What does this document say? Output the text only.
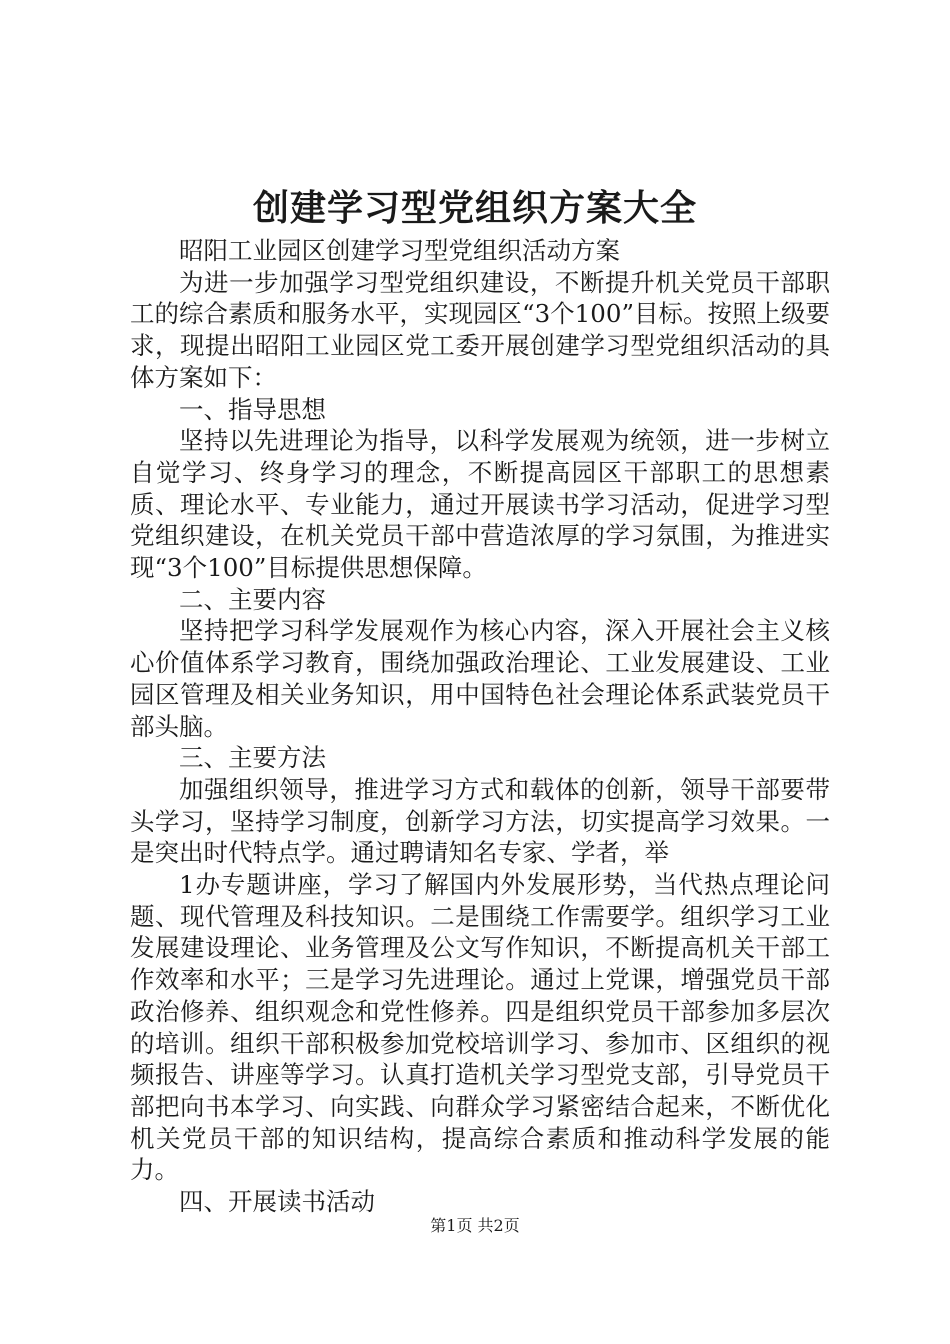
创建学习型党组织方案大全

昭阳工业园区创建学习型党组织活动方案

为进一步加强学习型党组织建设，不断提升机关党员干部职工的综合素质和服务水平，实现园区“3个100”目标。按照上级要求，现提出昭阳工业园区党工委开展创建学习型党组织活动的具体方案如下：

一、指导思想

坚持以先进理论为指导，以科学发展观为统领，进一步树立自觉学习、终身学习的理念，不断提高园区干部职工的思想素质、理论水平、专业能力，通过开展读书学习活动，促进学习型党组织建设，在机关党员干部中营造浓厚的学习氛围，为推进实现“3个100”目标提供思想保障。

二、主要内容

坚持把学习科学发展观作为核心内容，深入开展社会主义核心价值体系学习教育，围绕加强政治理论、工业发展建设、工业园区管理及相关业务知识，用中国特色社会理论体系武装党员干部头脑。

三、主要方法

加强组织领导，推进学习方式和载体的创新，领导干部要带头学习，坚持学习制度，创新学习方法，切实提高学习效果。一是突出时代特点学。通过聘请知名专家、学者，举

1办专题讲座，学习了解国内外发展形势，当代热点理论问题、现代管理及科技知识。二是围绕工作需要学。组织学习工业发展建设理论、业务管理及公文写作知识，不断提高机关干部工作效率和水平；三是学习先进理论。通过上党课，增强党员干部政治修养、组织观念和党性修养。四是组织党员干部参加多层次的培训。组织干部积极参加党校培训学习、参加市、区组织的视频报告、讲座等学习。认真打造机关学习型党支部，引导党员干部把向书本学习、向实践、向群众学习紧密结合起来，不断优化机关党员干部的知识结构，提高综合素质和推动科学发展的能力。

四、开展读书活动

第1页 共2页
